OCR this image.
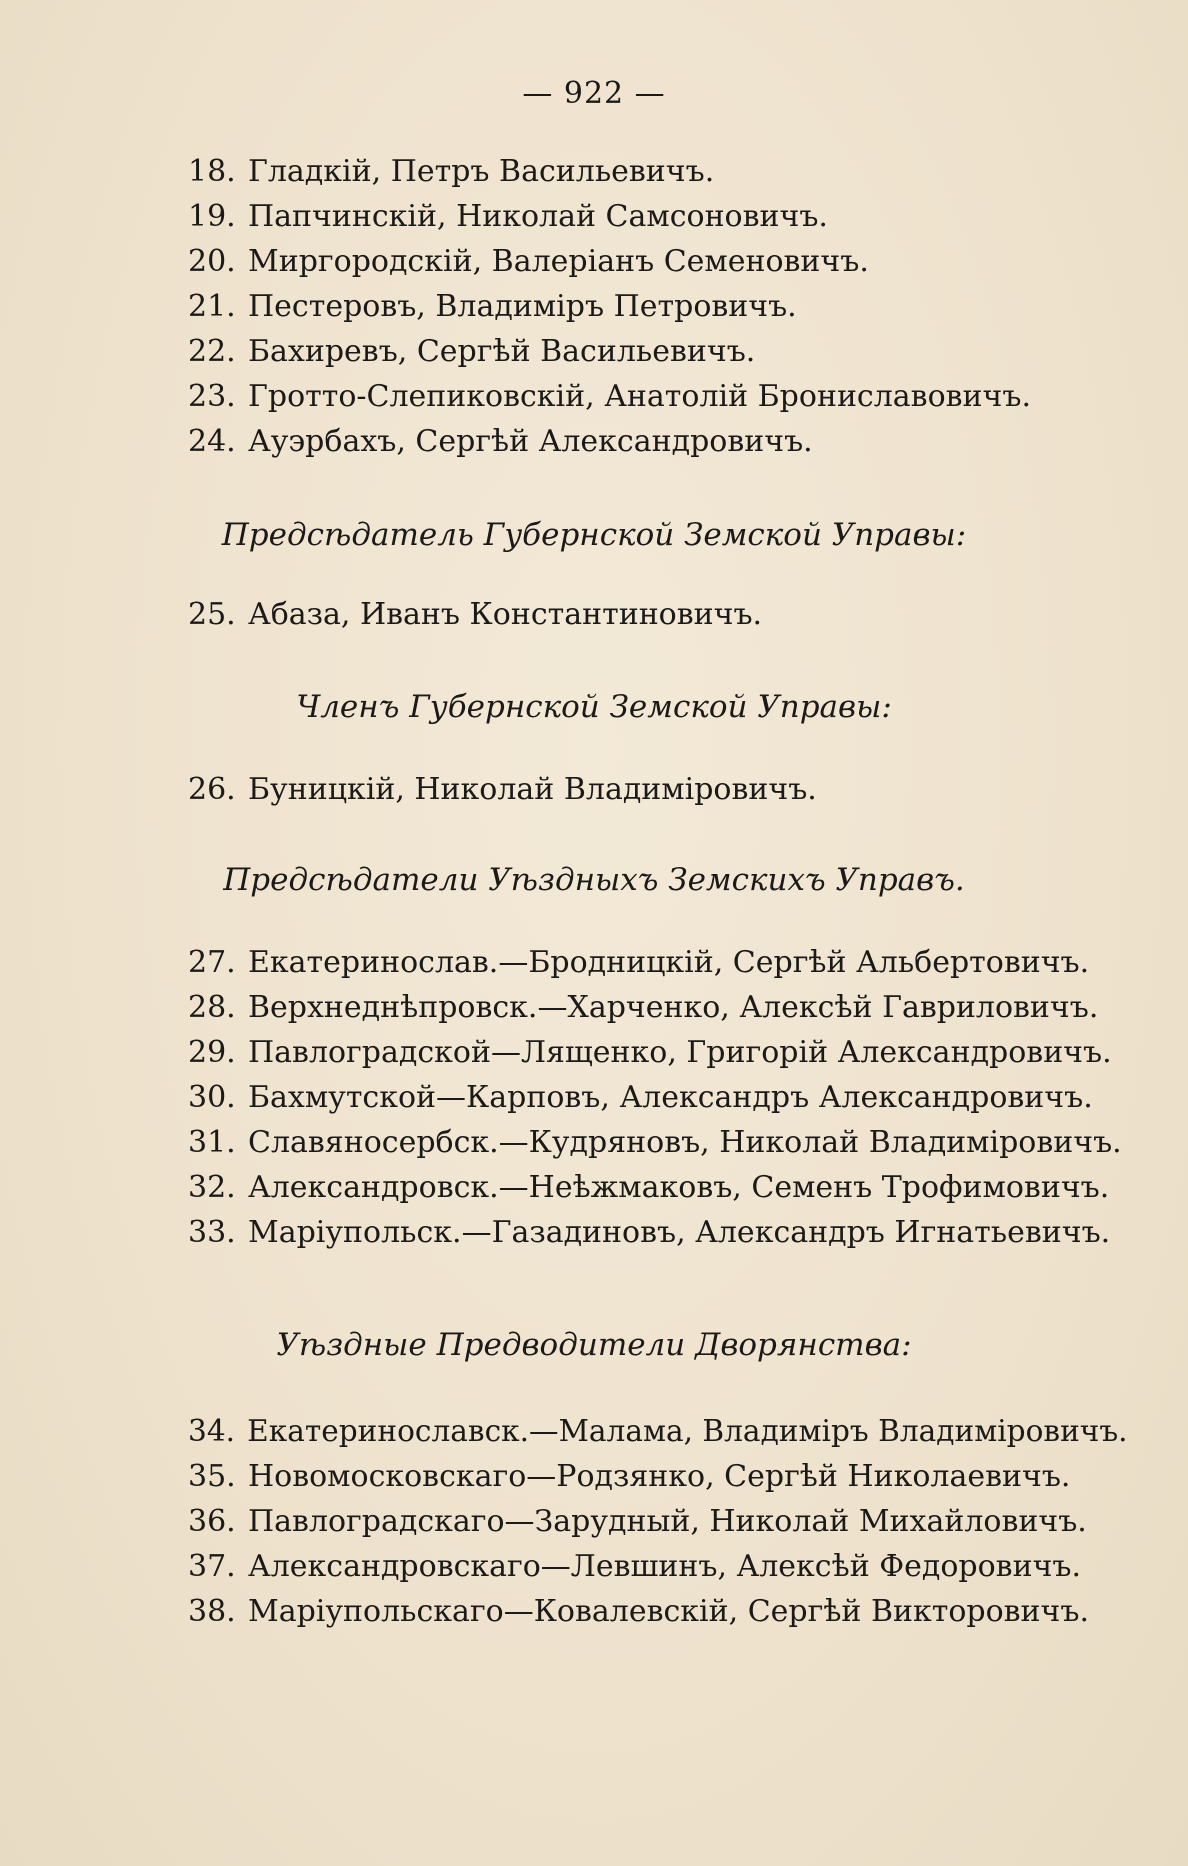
— 922 —
18. Гладкій, Петръ Васильевичъ.
19. Папчинскій, Николай Самсоновичъ.
20. Миргородскій, Валеріанъ Семеновичъ.
21. Пестеровъ, Владиміръ Петровичъ.
22. Бахиревъ, Сергѣй Васильевичъ.
23. Гротто-Слепиковскій, Анатолій Брониславовичъ.
24. Ауэрбахъ, Сергѣй Александровичъ.
Предсѣдатель Губернской Земской Управы:
25. Абаза, Иванъ Константиновичъ.
Членъ Губернской Земской Управы:
26. Буницкій, Николай Владиміровичъ.
Предсѣдатели Уѣздныхъ Земскихъ Управъ.
27. Екатеринослав.—Бродницкій, Сергѣй Альбертовичъ.
28. Верхнеднѣпровск.—Харченко, Алексѣй Гавриловичъ.
29. Павлоградской—Лященко, Григорій Александровичъ.
30. Бахмутской—Карповъ, Александръ Александровичъ.
31. Славяносербск.—Кудряновъ, Николай Владиміровичъ.
32. Александровск.—Неѣжмаковъ, Семенъ Трофимовичъ.
33. Маріупольск.—Газадиновъ, Александръ Игнатьевичъ.
Уѣздные Предводители Дворянства:
34. Екатеринославск.—Малама, Владиміръ Владиміровичъ.
35. Новомосковскаго—Родзянко, Сергѣй Николаевичъ.
36. Павлоградскаго—Зарудный, Николай Михайловичъ.
37. Александровскаго—Левшинъ, Алексѣй Федоровичъ.
38. Маріупольскаго—Ковалевскій, Сергѣй Викторовичъ.
